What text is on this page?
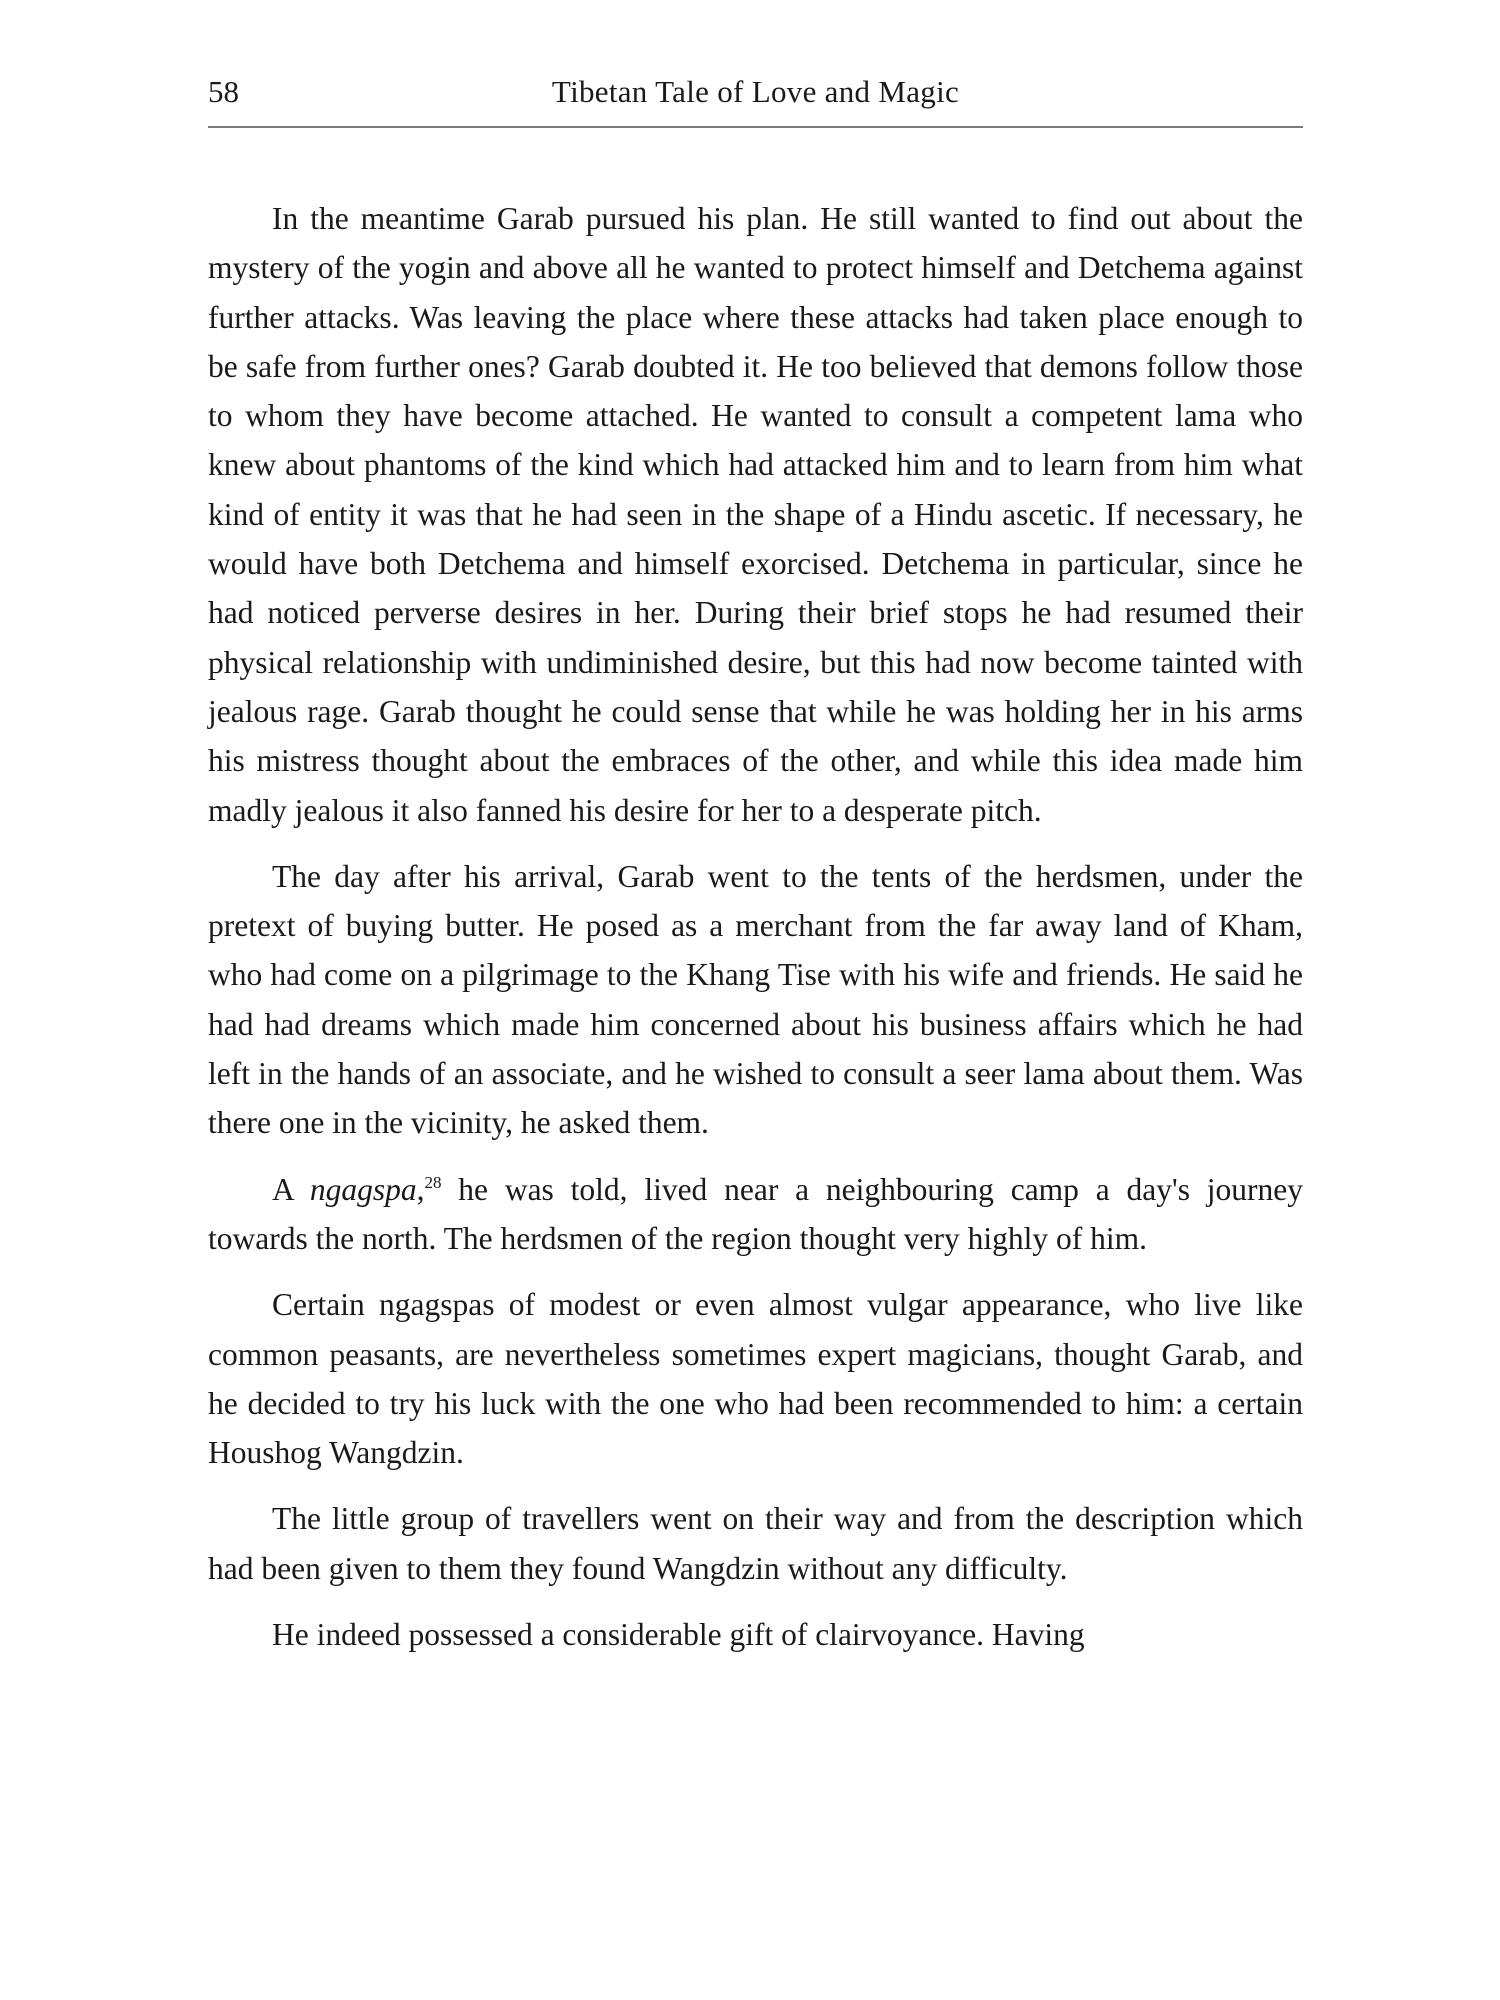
58	Tibetan Tale of Love and Magic

In the meantime Garab pursued his plan. He still wanted to find out about the mystery of the yogin and above all he wanted to protect himself and Detchema against further attacks. Was leaving the place where these attacks had taken place enough to be safe from further ones? Garab doubted it. He too believed that demons follow those to whom they have become attached. He wanted to consult a competent lama who knew about phantoms of the kind which had attacked him and to learn from him what kind of entity it was that he had seen in the shape of a Hindu ascetic. If necessary, he would have both Detchema and himself exorcised. Detchema in particular, since he had noticed perverse desires in her. During their brief stops he had resumed their physical relationship with undiminished desire, but this had now become tainted with jealous rage. Garab thought he could sense that while he was holding her in his arms his mistress thought about the embraces of the other, and while this idea made him madly jealous it also fanned his desire for her to a desperate pitch.

The day after his arrival, Garab went to the tents of the herdsmen, under the pretext of buying butter. He posed as a merchant from the far away land of Kham, who had come on a pilgrimage to the Khang Tise with his wife and friends. He said he had had dreams which made him concerned about his business affairs which he had left in the hands of an associate, and he wished to consult a seer lama about them. Was there one in the vicinity, he asked them.

A ngagspa,$^{28}$ he was told, lived near a neighbouring camp a day's journey towards the north. The herdsmen of the region thought very highly of him.

Certain ngagspas of modest or even almost vulgar appearance, who live like common peasants, are nevertheless sometimes expert magicians, thought Garab, and he decided to try his luck with the one who had been recommended to him: a certain Houshog Wangdzin.

The little group of travellers went on their way and from the description which had been given to them they found Wangdzin without any difficulty.

He indeed possessed a considerable gift of clairvoyance. Having
